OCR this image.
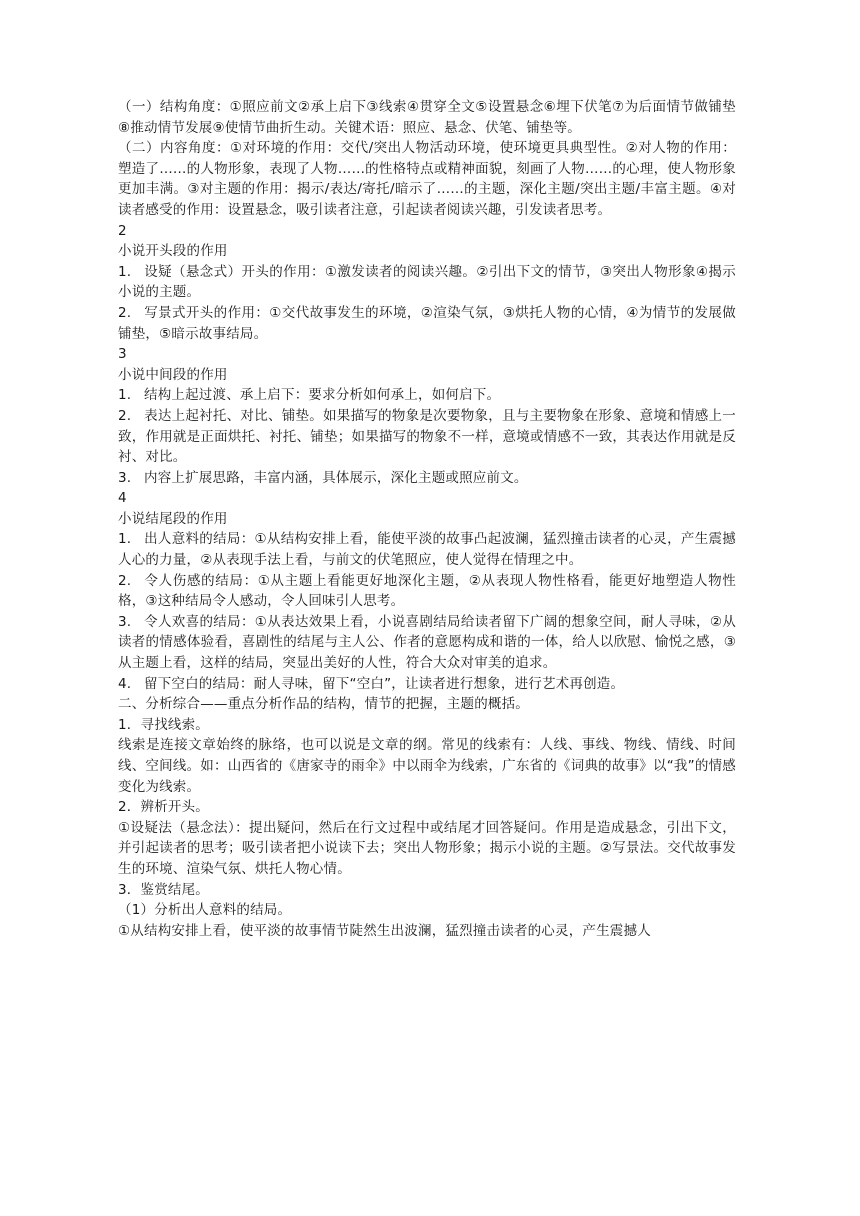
（一）结构角度：①照应前文②承上启下③线索④贯穿全文⑤设置悬念⑥埋下伏笔⑦为后面情节做铺垫⑧推动情节发展⑨使情节曲折生动。关键术语：照应、悬念、伏笔、铺垫等。

（二）内容角度：①对环境的作用：交代/突出人物活动环境，使环境更具典型性。②对人物的作用：塑造了……的人物形象，表现了人物……的性格特点或精神面貌，刻画了人物……的心理，使人物形象更加丰满。③对主题的作用：揭示/表达/寄托/暗示了……的主题，深化主题/突出主题/丰富主题。④对读者感受的作用：设置悬念，吸引读者注意，引起读者阅读兴趣，引发读者思考。

2

小说开头段的作用

1. 设疑（悬念式）开头的作用：①激发读者的阅读兴趣。②引出下文的情节，③突出人物形象④揭示小说的主题。

2. 写景式开头的作用：①交代故事发生的环境，②渲染气氛，③烘托人物的心情，④为情节的发展做铺垫，⑤暗示故事结局。

3

小说中间段的作用

1. 结构上起过渡、承上启下：要求分析如何承上，如何启下。

2. 表达上起衬托、对比、铺垫。如果描写的物象是次要物象，且与主要物象在形象、意境和情感上一致，作用就是正面烘托、衬托、铺垫；如果描写的物象不一样，意境或情感不一致，其表达作用就是反衬、对比。

3. 内容上扩展思路，丰富内涵，具体展示，深化主题或照应前文。

4

小说结尾段的作用

1. 出人意料的结局：①从结构安排上看，能使平淡的故事凸起波澜，猛烈撞击读者的心灵，产生震撼人心的力量，②从表现手法上看，与前文的伏笔照应，使人觉得在情理之中。

2. 令人伤感的结局：①从主题上看能更好地深化主题，②从表现人物性格看，能更好地塑造人物性格，③这种结局令人感动，令人回味引人思考。

3. 令人欢喜的结局：①从表达效果上看，小说喜剧结局给读者留下广阔的想象空间，耐人寻味，②从读者的情感体验看，喜剧性的结尾与主人公、作者的意愿构成和谐的一体，给人以欣慰、愉悦之感，③从主题上看，这样的结局，突显出美好的人性，符合大众对审美的追求。

4. 留下空白的结局：耐人寻味，留下“空白”，让读者进行想象，进行艺术再创造。

二、分析综合——重点分析作品的结构，情节的把握，主题的概括。

1．寻找线索。

线索是连接文章始终的脉络，也可以说是文章的纲。常见的线索有：人线、事线、物线、情线、时间线、空间线。如：山西省的《唐家寺的雨伞》中以雨伞为线索，广东省的《词典的故事》以“我”的情感变化为线索。

2．辨析开头。

①设疑法（悬念法）：提出疑问，然后在行文过程中或结尾才回答疑问。作用是造成悬念，引出下文，并引起读者的思考；吸引读者把小说读下去；突出人物形象；揭示小说的主题。②写景法。交代故事发生的环境、渲染气氛、烘托人物心情。

3．鉴赏结尾。

（1）分析出人意料的结局。

①从结构安排上看，使平淡的故事情节陡然生出波澜，猛烈撞击读者的心灵，产生震撼人
